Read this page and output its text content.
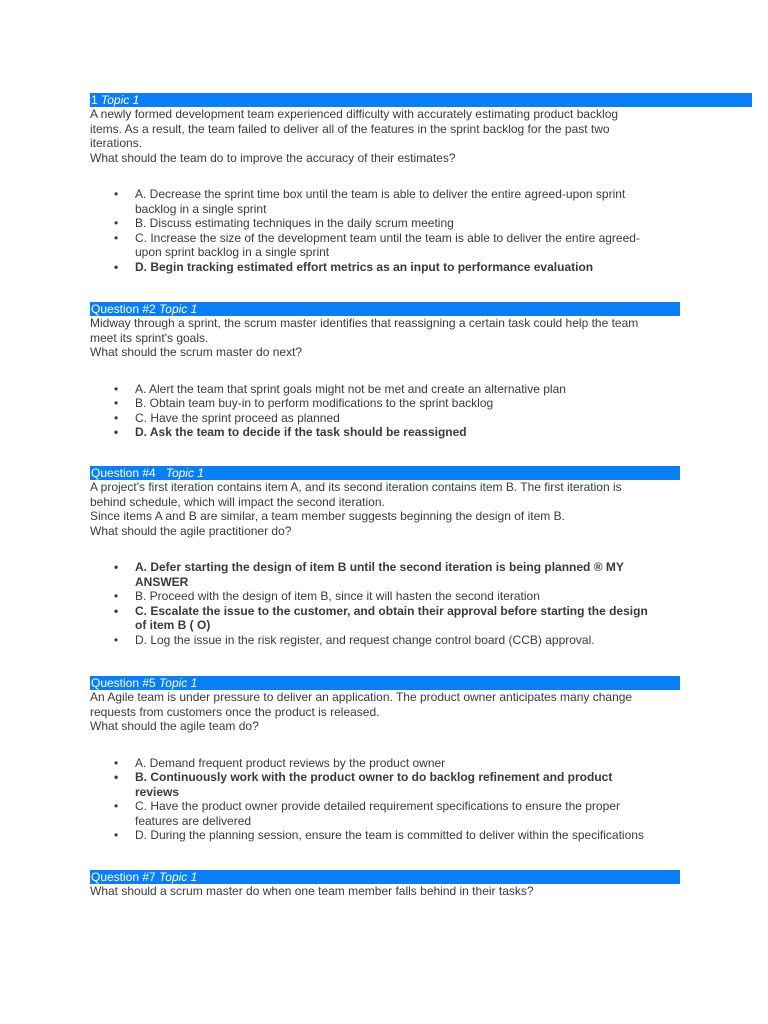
1 Topic 1
A newly formed development team experienced difficulty with accurately estimating product backlog
items. As a result, the team failed to deliver all of the features in the sprint backlog for the past two
iterations.
What should the team do to improve the accuracy of their estimates?
• A. Decrease the sprint time box until the team is able to deliver the entire agreed-upon sprint
backlog in a single sprint
• B. Discuss estimating techniques in the daily scrum meeting
• C. Increase the size of the development team until the team is able to deliver the entire agreed-
upon sprint backlog in a single sprint
• D. Begin tracking estimated effort metrics as an input to performance evaluation
Question #2 Topic 1
Midway through a sprint, the scrum master identifies that reassigning a certain task could help the team
meet its sprint's goals.
What should the scrum master do next?
• A. Alert the team that sprint goals might not be met and create an alternative plan
• B. Obtain team buy-in to perform modifications to the sprint backlog
• C. Have the sprint proceed as planned
• D. Ask the team to decide if the task should be reassigned
Question #4   Topic 1
A project's first iteration contains item A, and its second iteration contains item B. The first iteration is
behind schedule, which will impact the second iteration.
Since items A and B are similar, a team member suggests beginning the design of item B.
What should the agile practitioner do?
• A. Defer starting the design of item B until the second iteration is being planned ® MY
ANSWER
• B. Proceed with the design of item B, since it will hasten the second iteration
• C. Escalate the issue to the customer, and obtain their approval before starting the design
of item B ( O)
• D. Log the issue in the risk register, and request change control board (CCB) approval.
Question #5 Topic 1
An Agile team is under pressure to deliver an application. The product owner anticipates many change
requests from customers once the product is released.
What should the agile team do?
• A. Demand frequent product reviews by the product owner
• B. Continuously work with the product owner to do backlog refinement and product
reviews
• C. Have the product owner provide detailed requirement specifications to ensure the proper
features are delivered
• D. During the planning session, ensure the team is committed to deliver within the specifications
Question #7 Topic 1
What should a scrum master do when one team member falls behind in their tasks?
